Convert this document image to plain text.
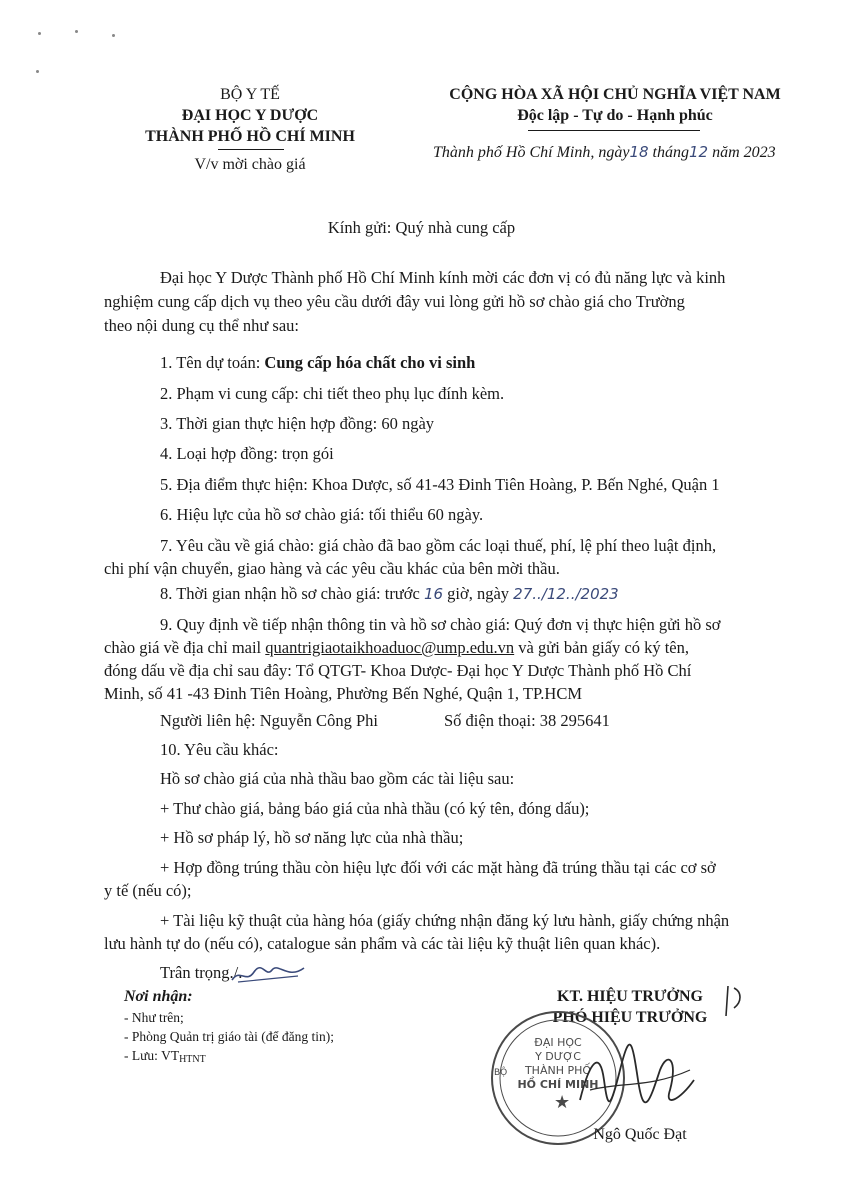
BỘ Y TẾ
ĐẠI HỌC Y DƯỢC
THÀNH PHỐ HỒ CHÍ MINH
V/v mời chào giá
CỘNG HÒA XÃ HỘI CHỦ NGHĨA VIỆT NAM
Độc lập - Tự do - Hạnh phúc
Thành phố Hồ Chí Minh, ngày18 tháng12 năm 2023
Kính gửi: Quý nhà cung cấp
Đại học Y Dược Thành phố Hồ Chí Minh kính mời các đơn vị có đủ năng lực và kinh
nghiệm cung cấp dịch vụ theo yêu cầu dưới đây vui lòng gửi hồ sơ chào giá cho Trường
theo nội dung cụ thể như sau:
1. Tên dự toán: Cung cấp hóa chất cho vi sinh
2. Phạm vi cung cấp: chi tiết theo phụ lục đính kèm.
3. Thời gian thực hiện hợp đồng: 60 ngày
4. Loại hợp đồng: trọn gói
5. Địa điểm thực hiện: Khoa Dược, số 41-43 Đinh Tiên Hoàng, P. Bến Nghé, Quận 1
6. Hiệu lực của hồ sơ chào giá: tối thiểu 60 ngày.
7. Yêu cầu về giá chào: giá chào đã bao gồm các loại thuế, phí, lệ phí theo luật định,
chi phí vận chuyển, giao hàng và các yêu cầu khác của bên mời thầu.
8. Thời gian nhận hồ sơ chào giá: trước 16 giờ, ngày 27../12../2023
9. Quy định về tiếp nhận thông tin và hồ sơ chào giá: Quý đơn vị thực hiện gửi hồ sơ
chào giá về địa chỉ mail quantrigiaotaikhoaduoc@ump.edu.vn và gửi bản giấy có ký tên,
đóng dấu về địa chỉ sau đây: Tổ QTGT- Khoa Dược- Đại học Y Dược Thành phố Hồ Chí
Minh, số 41 -43 Đinh Tiên Hoàng, Phường Bến Nghé, Quận 1, TP.HCM
Người liên hệ: Nguyễn Công Phi	Số điện thoại: 38 295641
10. Yêu cầu khác:
Hồ sơ chào giá của nhà thầu bao gồm các tài liệu sau:
+ Thư chào giá, bảng báo giá của nhà thầu (có ký tên, đóng dấu);
+ Hồ sơ pháp lý, hồ sơ năng lực của nhà thầu;
+ Hợp đồng trúng thầu còn hiệu lực đối với các mặt hàng đã trúng thầu tại các cơ sở
y tế (nếu có);
+ Tài liệu kỹ thuật của hàng hóa (giấy chứng nhận đăng ký lưu hành, giấy chứng nhận
lưu hành tự do (nếu có), catalogue sản phẩm và các tài liệu kỹ thuật liên quan khác).
Trân trọng./.
Nơi nhận:
- Như trên;
- Phòng Quản trị giáo tài (để đăng tin);
- Lưu: $VT_{HTNT}$
KT. HIỆU TRƯỞNG
PHÓ HIỆU TRƯỞNG
★
ĐẠI HỌC
Y DƯỢC
THÀNH PHỐ
HỒ CHÍ MINH
BỘ
Ngô Quốc Đạt
